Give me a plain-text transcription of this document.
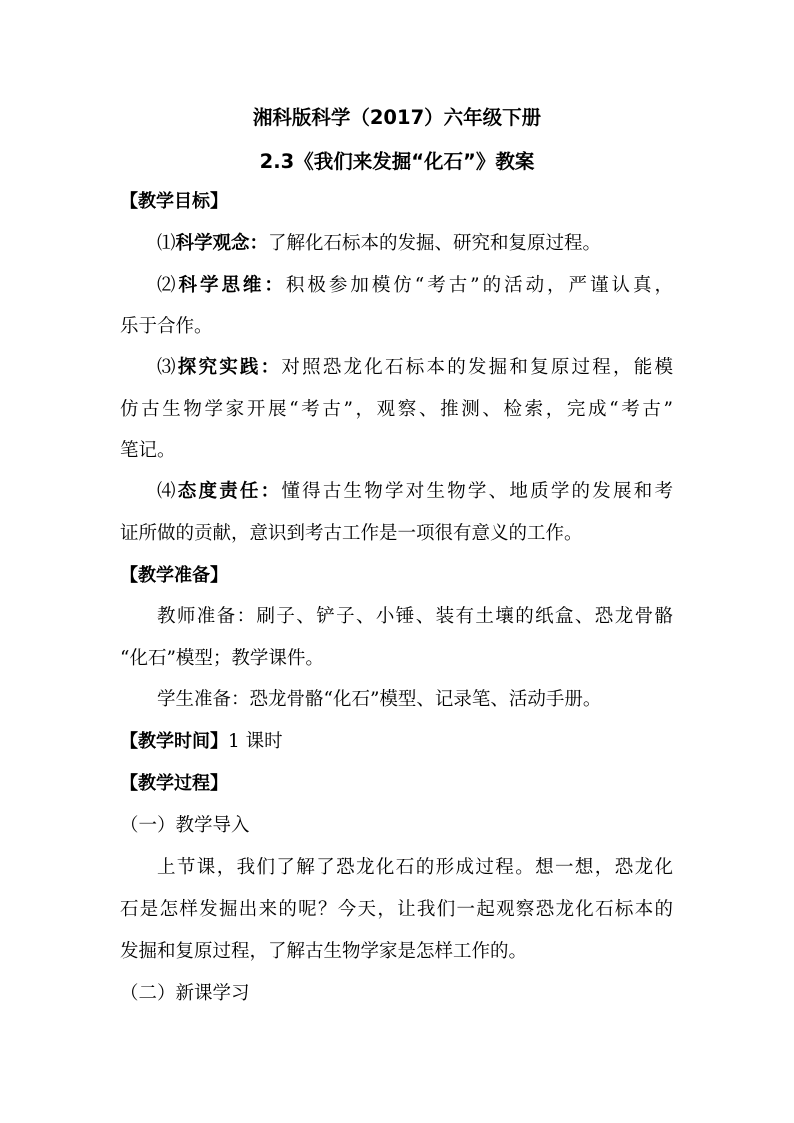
湘科版科学（2017）六年级下册
2.3《我们来发掘“化石”》教案
【教学目标】
⑴科学观念：了解化石标本的发掘、研究和复原过程。
⑵科学思维：积极参加模仿“考古”的活动，严谨认真，
乐于合作。
⑶探究实践：对照恐龙化石标本的发掘和复原过程，能模
仿古生物学家开展“考古”，观察、推测、检索，完成“考古”
笔记。
⑷态度责任：懂得古生物学对生物学、地质学的发展和考
证所做的贡献，意识到考古工作是一项很有意义的工作。
【教学准备】
教师准备：刷子、铲子、小锤、装有土壤的纸盒、恐龙骨骼
“化石”模型；教学课件。
学生准备：恐龙骨骼“化石”模型、记录笔、活动手册。
【教学时间】1 课时
【教学过程】
（一）教学导入
上节课，我们了解了恐龙化石的形成过程。想一想，恐龙化
石是怎样发掘出来的呢？今天，让我们一起观察恐龙化石标本的
发掘和复原过程，了解古生物学家是怎样工作的。
（二）新课学习
